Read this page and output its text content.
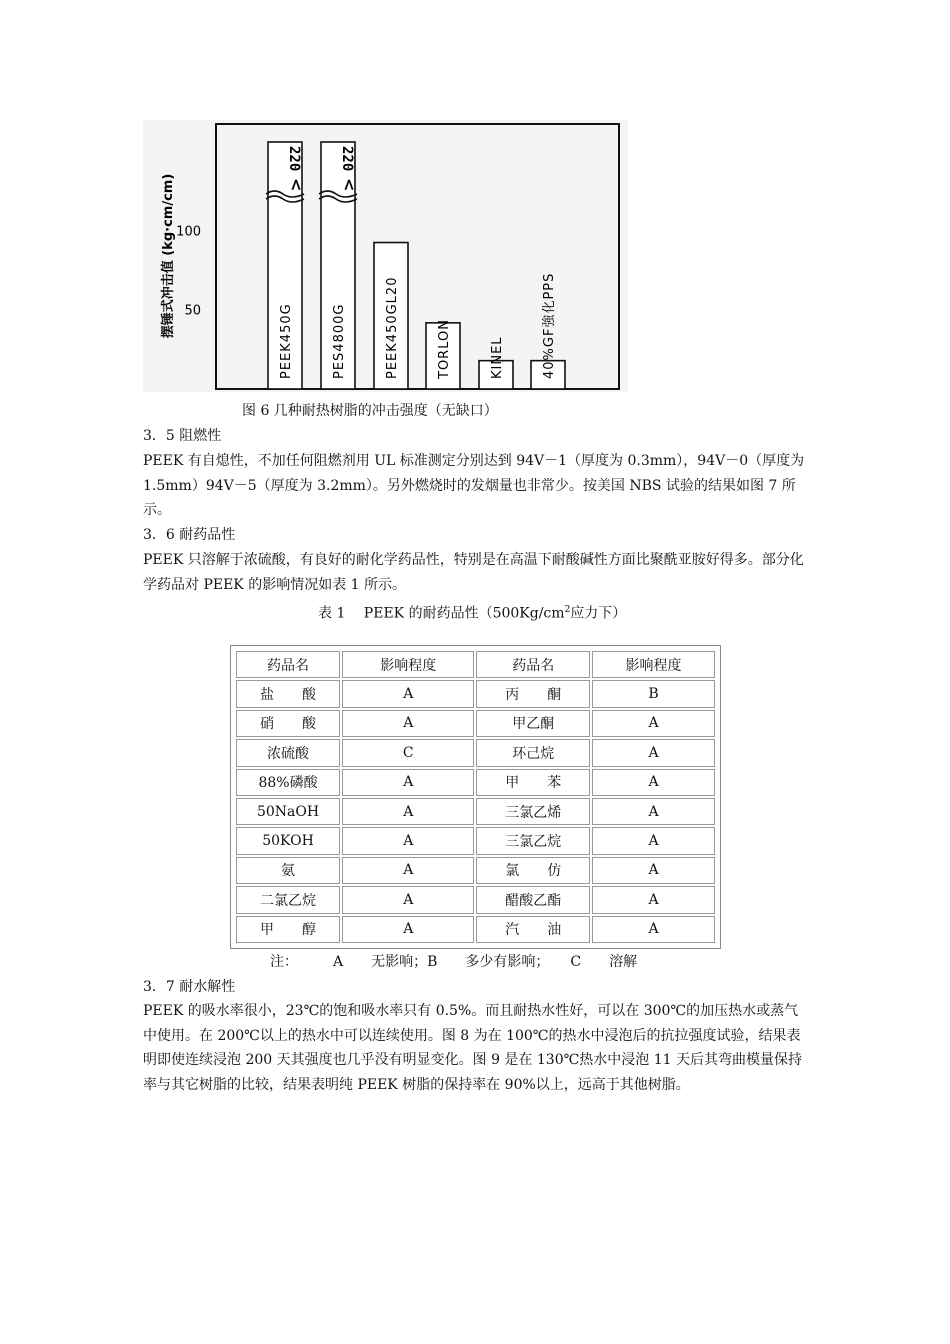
摆锤式冲击值 (kg·cm/cm) 50
100
220
<
PEEK450G
220
<
PES4800G	PEEK450GL20	TORLON	KINEL	40%GF強化PPS
图 6 几种耐热树脂的冲击强度（无缺口）
3．5 阻燃性

PEEK 有自熄性，不加任何阻燃剂用 UL 标准测定分别达到 94V－1（厚度为 0.3mm），94V－0（厚度为 1.5mm）94V－5（厚度为 3.2mm）。另外燃烧时的发烟量也非常少。按美国 NBS 试验的结果如图 7 所示。

3．6 耐药品性

PEEK 只溶解于浓硫酸，有良好的耐化学药品性，特别是在高温下耐酸碱性方面比聚酰亚胺好得多。部分化学药品对 PEEK 的影响情况如表 1 所示。

表 1　 PEEK 的耐药品性（$500Kg/cm^2$应力下）
药品名	影响程度	药品名	影响程度
盐　　酸	A	丙　　酮	B
硝　　酸	A	甲乙酮	A
浓硫酸	C	环己烷	A
88%磷酸	A	甲　　苯	A
50NaOH	A	三氯乙烯	A
50KOH	A	三氯乙烷	A
氨	A	氯　　仿	A
二氯乙烷	A	醋酸乙酯	A
甲　　醇	A	汽　　油	A
注：　　　A　　无影响；B　　多少有影响；　　C　　溶解
3．7 耐水解性

PEEK 的吸水率很小，23℃的饱和吸水率只有 0.5%。而且耐热水性好，可以在 300℃的加压热水或蒸气中使用。在 200℃以上的热水中可以连续使用。图 8 为在 100℃的热水中浸泡后的抗拉强度试验，结果表明即使连续浸泡 200 天其强度也几乎没有明显变化。图 9 是在 130℃热水中浸泡 11 天后其弯曲模量保持率与其它树脂的比较，结果表明纯 PEEK 树脂的保持率在 90%以上，远高于其他树脂。
